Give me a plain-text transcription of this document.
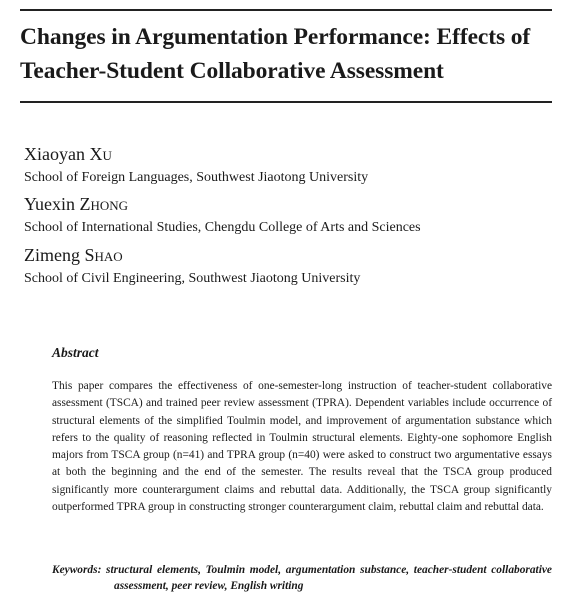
Changes in Argumentation Performance: Effects of Teacher-Student Collaborative Assessment
Xiaoyan Xu

School of Foreign Languages, Southwest Jiaotong University

Yuexin Zhong

School of International Studies, Chengdu College of Arts and Sciences

Zimeng Shao

School of Civil Engineering, Southwest Jiaotong University

Abstract

This paper compares the effectiveness of one-semester-long instruction of teacher-student collaborative assessment (TSCA) and trained peer review assessment (TPRA). Dependent variables include occurrence of structural elements of the simplified Toulmin model, and improvement of argumentation substance which refers to the quality of reasoning reflected in Toulmin structural elements. Eighty-one sophomore English majors from TSCA group (n=41) and TPRA group (n=40) were asked to construct two argumentative essays at both the beginning and the end of the semester. The results reveal that the TSCA group produced significantly more counterargument claims and rebuttal data. Additionally, the TSCA group significantly outperformed TPRA group in constructing stronger counterargument claim, rebuttal claim and rebuttal data.

Keywords: structural elements, Toulmin model, argumentation substance, teacher-student collaborative assessment, peer review, English writing
